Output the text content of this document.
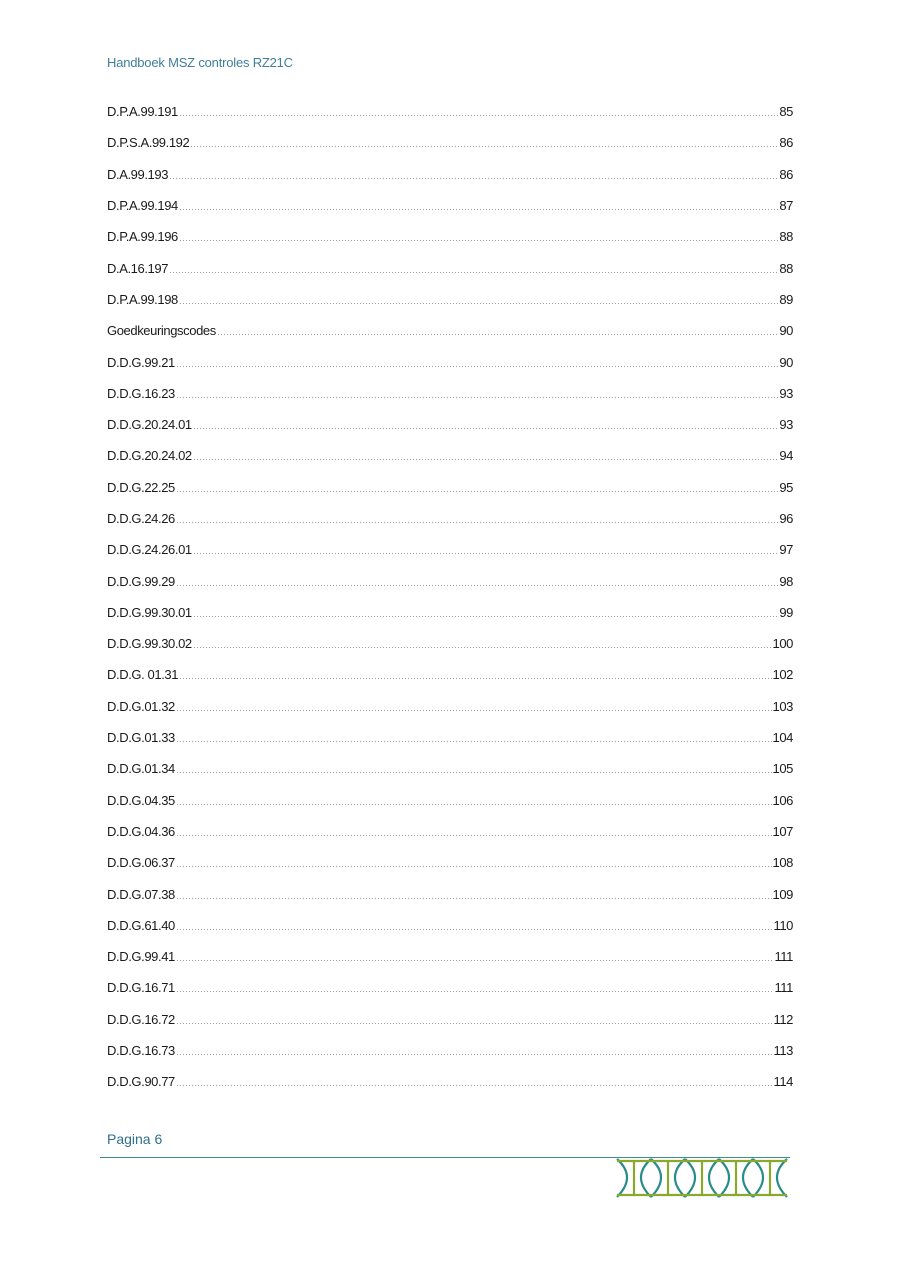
Handboek MSZ controles RZ21C
D.P.A.99.191	85
D.P.S.A.99.192	86
D.A.99.193	86
D.P.A.99.194	87
D.P.A.99.196	88
D.A.16.197	88
D.P.A.99.198	89
Goedkeuringscodes	90
D.D.G.99.21	90
D.D.G.16.23	93
D.D.G.20.24.01	93
D.D.G.20.24.02	94
D.D.G.22.25	95
D.D.G.24.26	96
D.D.G.24.26.01	97
D.D.G.99.29	98
D.D.G.99.30.01	99
D.D.G.99.30.02	100
D.D.G. 01.31	102
D.D.G.01.32	103
D.D.G.01.33	104
D.D.G.01.34	105
D.D.G.04.35	106
D.D.G.04.36	107
D.D.G.06.37	108
D.D.G.07.38	109
D.D.G.61.40	110
D.D.G.99.41	111
D.D.G.16.71	111
D.D.G.16.72	112
D.D.G.16.73	113
D.D.G.90.77	114
Pagina 6
